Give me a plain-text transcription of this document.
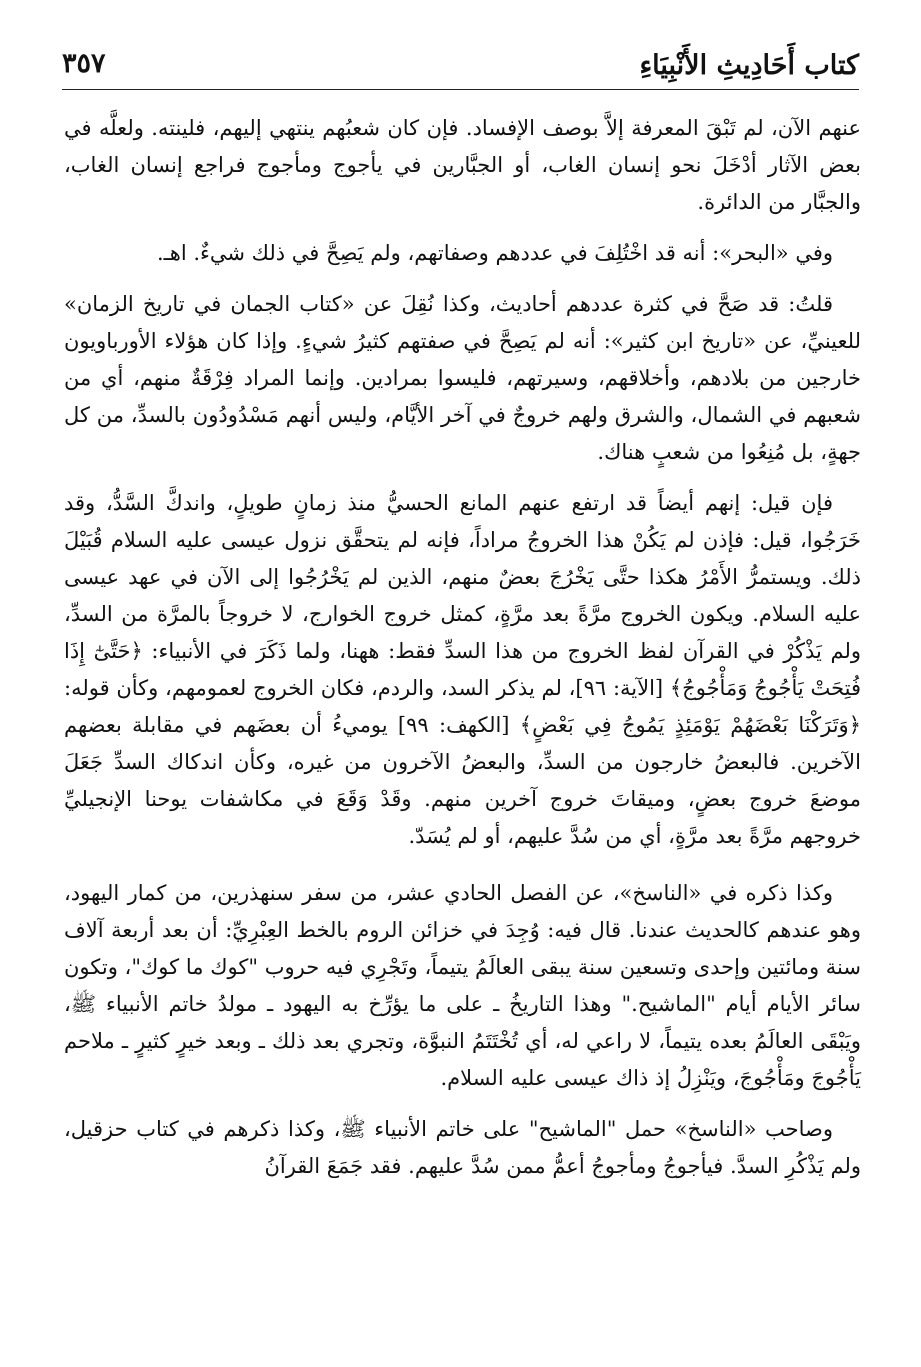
كتاب أَحَادِيثِ الأَنْبِيَاءِ
٣٥٧

عنهم الآن، لم تَبْقَ المعرفة إلاَّ بوصف الإفساد. فإن كان شعبُهم ينتهي إليهم، فلينته. ولعلَّه في بعض الآثار أدْخَلَ نحو إنسان الغاب، أو الجبَّارين في يأجوج ومأجوج فراجع إنسان الغاب، والجبَّار من الدائرة.

وفي «البحر»: أنه قد اخْتُلِفَ في عددهم وصفاتهم، ولم يَصِحَّ في ذلك شيءٌ. اهـ.

قلتُ: قد صَحَّ في كثرة عددهم أحاديث، وكذا نُقِلَ عن «كتاب الجمان في تاريخ الزمان» للعينيِّ، عن «تاريخ ابن كثير»: أنه لم يَصِحَّ في صفتهم كثيرُ شيءٍ. وإذا كان هؤلاء الأورباويون خارجين من بلادهم، وأخلاقهم، وسيرتهم، فليسوا بمرادين. وإنما المراد فِرْقَةٌ منهم، أي من شعبهم في الشمال، والشرق ولهم خروجٌ في آخر الأيَّام، وليس أنهم مَسْدُودُون بالسدِّ، من كل جهةٍ، بل مُنِعُوا من شعبٍ هناك.

فإن قيل: إنهم أيضاً قد ارتفع عنهم المانع الحسيُّ منذ زمانٍ طويلٍ، واندكَّ السَّدُّ، وقد خَرَجُوا، قيل: فإذن لم يَكُنْ هذا الخروجُ مراداً، فإنه لم يتحقَّق نزول عيسى عليه السلام قُبَيْلَ ذلك. ويستمرُّ الأَمْرُ هكذا حتَّى يَخْرُجَ بعضٌ منهم، الذين لم يَخْرُجُوا إلى الآن في عهد عيسى عليه السلام. ويكون الخروج مرَّةً بعد مرَّةٍ، كمثل خروج الخوارج، لا خروجاً بالمرَّة من السدِّ، ولم يَذْكُرْ في القرآن لفظ الخروج من هذا السدِّ فقط: ههنا، ولما ذَكَرَ في الأنبياء: ﴿حَتَّىٰٓ إِذَا فُتِحَتْ يَأْجُوجُ وَمَأْجُوجُ﴾ [الآية: ٩٦]، لم يذكر السد، والردم، فكان الخروج لعمومهم، وكأن قوله: ﴿وَتَرَكْنَا بَعْضَهُمْ يَوْمَئِذٍ يَمُوجُ فِي بَعْضٍ﴾ [الكهف: ٩٩] يوميءُ أن بعضَهم في مقابلة بعضهم الآخرين. فالبعضُ خارجون من السدِّ، والبعضُ الآخرون من غيره، وكأن اندكاك السدِّ جَعَلَ موضعَ خروج بعضٍ، وميقاتَ خروج آخرين منهم. وقَدْ وَقَعَ في مكاشفات يوحنا الإنجيليِّ خروجهم مرَّةً بعد مرَّةٍ، أي من سُدَّ عليهم، أو لم يُسَدّ.

وكذا ذكره في «الناسخ»، عن الفصل الحادي عشر، من سفر سنهذرين، من كمار اليهود، وهو عندهم كالحديث عندنا. قال فيه: وُجِدَ في خزائن الروم بالخط العِبْرِيِّ: أن بعد أربعة آلاف سنة ومائتين وإحدى وتسعين سنة يبقى العالَمُ يتيماً، وتَجْرِي فيه حروب "كوك ما كوك"، وتكون سائر الأيام أيام "الماشيح." وهذا التاريخُ ـ على ما يؤرِّخ به اليهود ـ مولدُ خاتم الأنبياء ﷺ، ويَبْقَى العالَمُ بعده يتيماً، لا راعي له، أي تُخْتَتَمُ النبوَّة، وتجري بعد ذلك ـ وبعد خيرٍ كثيرٍ ـ ملاحم يَأْجُوجَ ومَأْجُوجَ، ويَنْزِلُ إذ ذاك عيسى عليه السلام.

وصاحب «الناسخ» حمل "الماشيح" على خاتم الأنبياء ﷺ، وكذا ذكرهم في كتاب حزقيل، ولم يَذْكُرِ السدَّ. فيأجوجُ ومأجوجُ أعمُّ ممن سُدَّ عليهم. فقد جَمَعَ القرآنُ
